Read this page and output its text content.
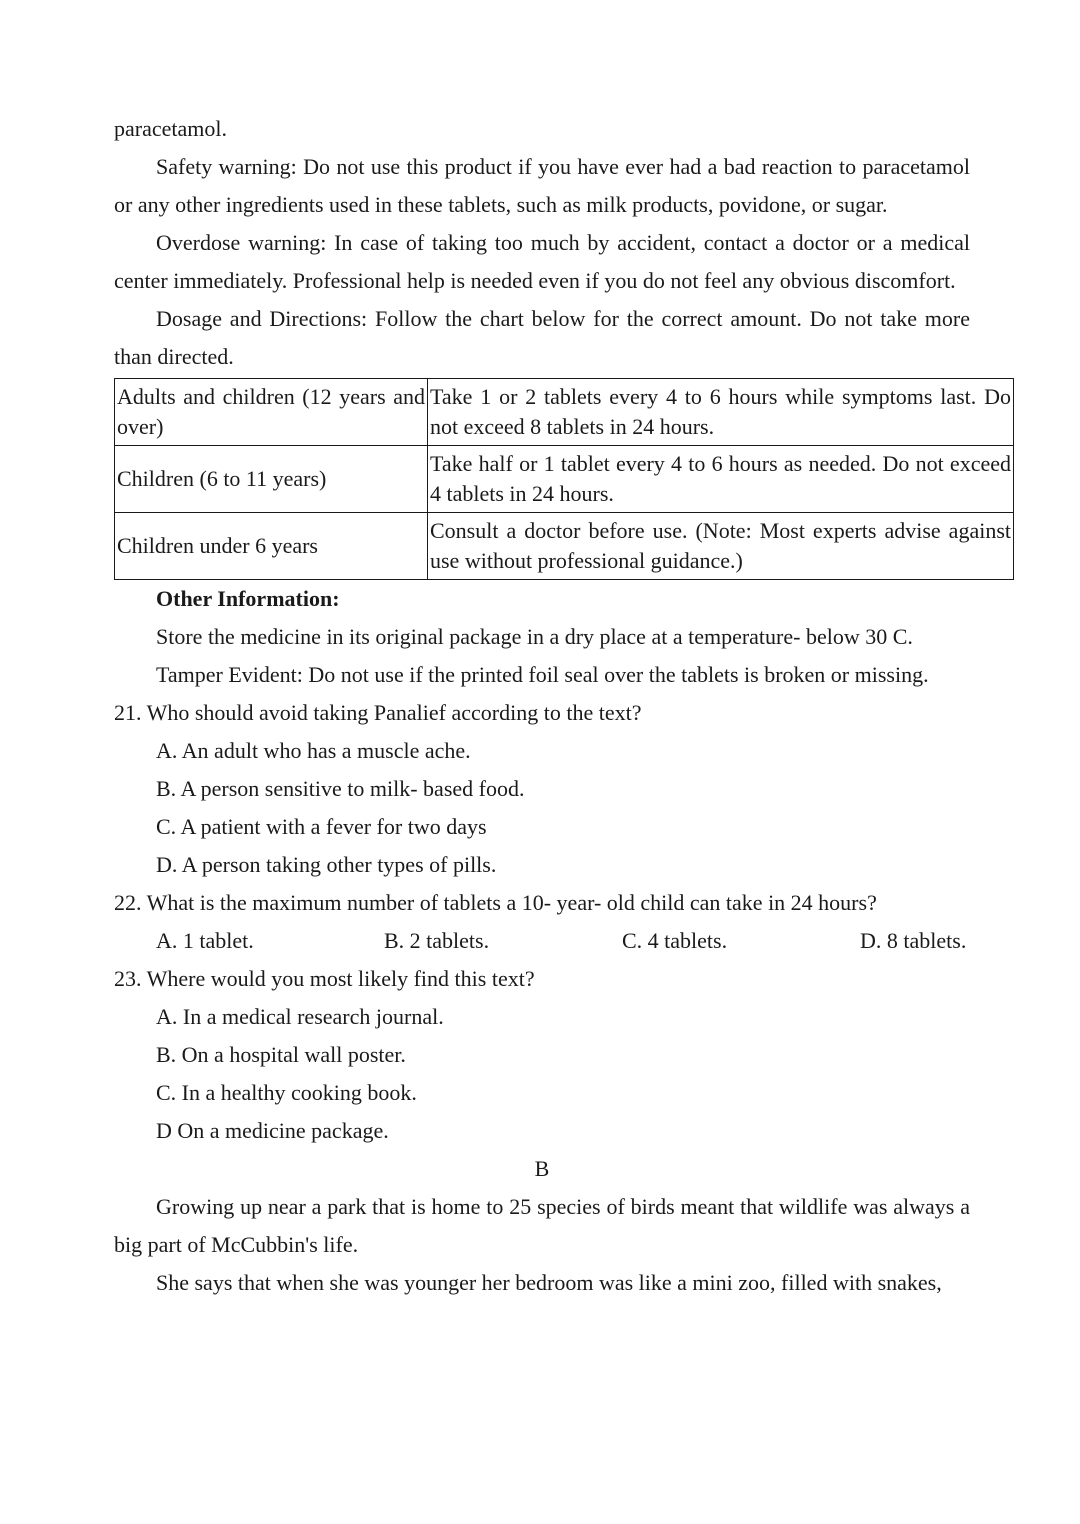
paracetamol.

Safety warning: Do not use this product if you have ever had a bad reaction to paracetamol or any other ingredients used in these tablets, such as milk products, povidone, or sugar.

Overdose warning: In case of taking too much by accident, contact a doctor or a medical center immediately. Professional help is needed even if you do not feel any obvious discomfort.

Dosage and Directions: Follow the chart below for the correct amount. Do not take more than directed.

Adults and children (12 years and over)	Take 1 or 2 tablets every 4 to 6 hours while symptoms last. Do not exceed 8 tablets in 24 hours.
Children (6 to 11 years)	Take half or 1 tablet every 4 to 6 hours as needed. Do not exceed 4 tablets in 24 hours.
Children under 6 years	Consult a doctor before use. (Note: Most experts advise against use without professional guidance.)

Other Information:

Store the medicine in its original package in a dry place at a temperature- below 30 C.

Tamper Evident: Do not use if the printed foil seal over the tablets is broken or missing.

21. Who should avoid taking Panalief according to the text?

A. An adult who has a muscle ache.

B. A person sensitive to milk- based food.

C. A patient with a fever for two days

D. A person taking other types of pills.

22. What is the maximum number of tablets a 10- year- old child can take in 24 hours?

A. 1 tablet.	B. 2 tablets.	C. 4 tablets.	D. 8 tablets.

23. Where would you most likely find this text?

A. In a medical research journal.

B. On a hospital wall poster.

C. In a healthy cooking book.

D On a medicine package.

B

Growing up near a park that is home to 25 species of birds meant that wildlife was always a big part of McCubbin's life.

She says that when she was younger her bedroom was like a mini zoo, filled with snakes,
